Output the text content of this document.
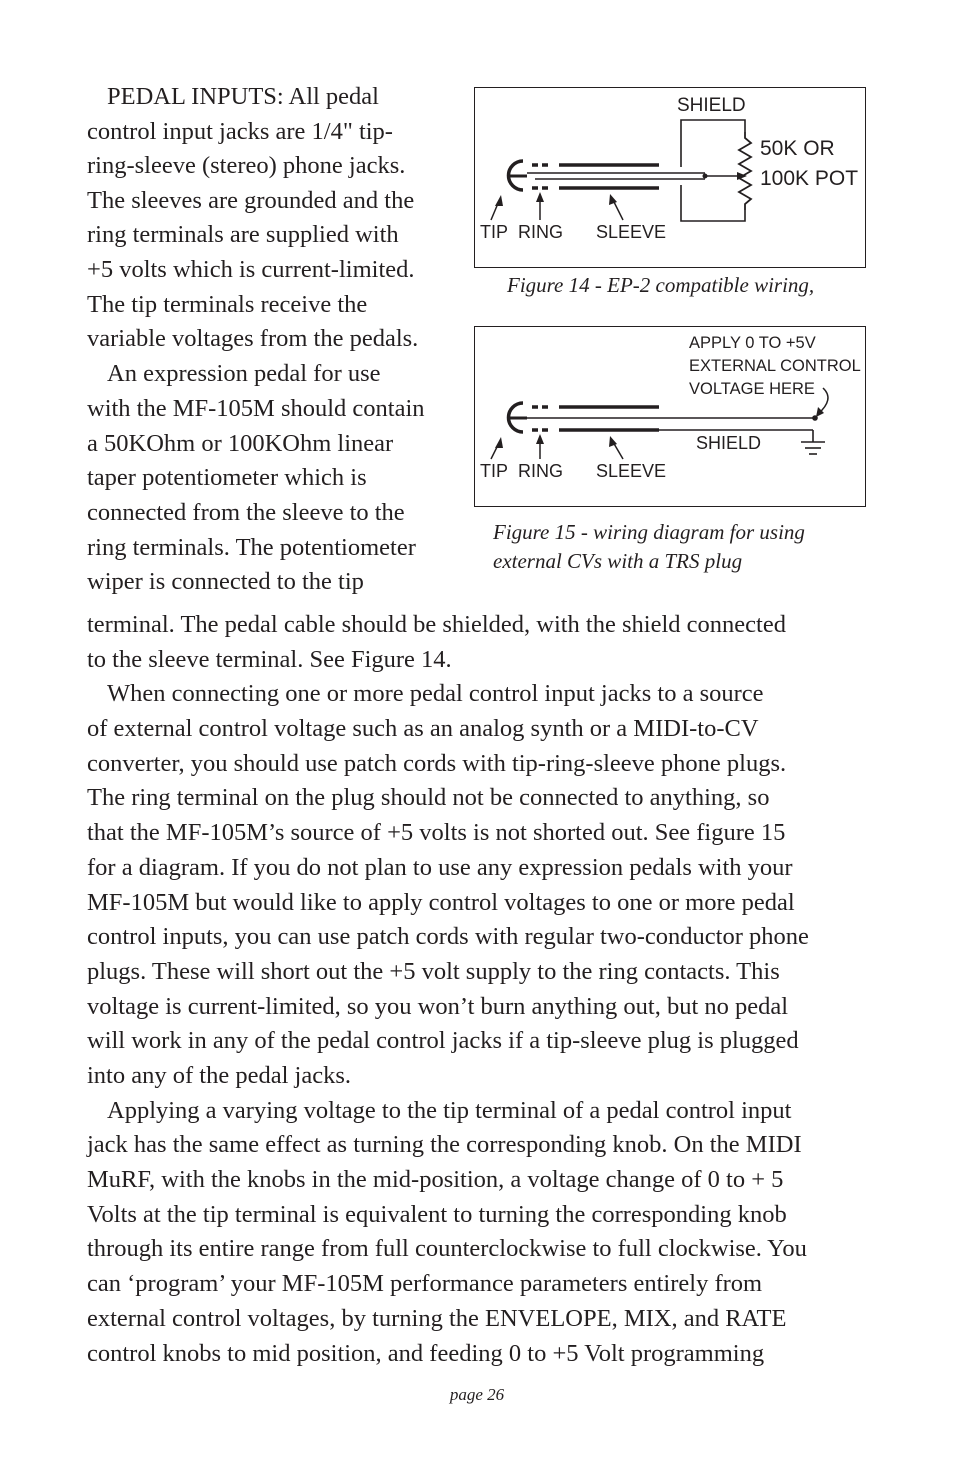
PEDAL INPUTS: All pedal

control input jacks are 1/4" tip-

ring-sleeve (stereo) phone jacks.

The sleeves are grounded and the

ring terminals are supplied with

+5 volts which is current-limited.

The tip terminals receive the

variable voltages from the pedals.

An expression pedal for use

with the MF-105M should contain

a 50KOhm or 100KOhm linear

taper potentiometer which is

connected from the sleeve to the

ring terminals. The potentiometer

wiper is connected to the tip

SHIELD
50K OR
100K POT
TIP RING SLEEVE

Figure 14 - EP-2 compatible wiring,

APPLY 0 TO +5V
EXTERNAL CONTROL
VOLTAGE HERE
SHIELD
TIP RING SLEEVE

Figure 15 - wiring diagram for using

external CVs with a TRS plug

terminal. The pedal cable should be shielded, with the shield connected

to the sleeve terminal. See Figure 14.

When connecting one or more pedal control input jacks to a source

of external control voltage such as an analog synth or a MIDI-to-CV

converter, you should use patch cords with tip-ring-sleeve phone plugs.

The ring terminal on the plug should not be connected to anything, so

that the MF-105M’s source of +5 volts is not shorted out. See figure 15

for a diagram. If you do not plan to use any expression pedals with your

MF-105M but would like to apply control voltages to one or more pedal

control inputs, you can use patch cords with regular two-conductor phone

plugs. These will short out the +5 volt supply to the ring contacts. This

voltage is current-limited, so you won’t burn anything out, but no pedal

will work in any of the pedal control jacks if a tip-sleeve plug is plugged

into any of the pedal jacks.

Applying a varying voltage to the tip terminal of a pedal control input

jack has the same effect as turning the corresponding knob. On the MIDI

MuRF, with the knobs in the mid-position, a voltage change of 0 to + 5

Volts at the tip terminal is equivalent to turning the corresponding knob

through its entire range from full counterclockwise to full clockwise. You

can ‘program’ your MF-105M performance parameters entirely from

external control voltages, by turning the ENVELOPE, MIX, and RATE

control knobs to mid position, and feeding 0 to +5 Volt programming

page 26
